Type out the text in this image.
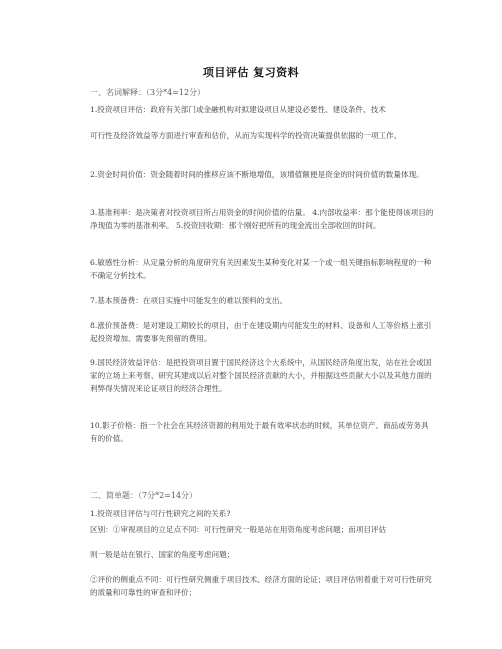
项目评估 复习资料
一、名词解释：（3分*4=12分）
1.投资项目评估：政府有关部门或金融机构对拟建设项目从建设必要性、建设条件、技术
可行性及经济效益等方面进行审查和估价，从而为实现科学的投资决策提供依据的一项工作。
2.资金时间价值：资金随着时间的推移应该不断地增值，该增值额便是资金的时间价值的数量体现。
3.基准利率：是决策者对投资项目所占用资金的时间价值的估量。 4.内部收益率：那个能使得该项目的净现值为零的基准利率。 5.投资回收期：那个刚好把所有的现金流出全部收回的时间。
6.敏感性分析：从定量分析的角度研究有关因素发生某种变化对某一个或一组关键指标影响程度的一种不确定分析技术。
7.基本预备费：在项目实施中可能发生的难以预料的支出。
8.涨价预备费：是对建设工期较长的项目，由于在建设期内可能发生的材料、设备和人工等价格上涨引起投资增加、需要事先预留的费用。
9.国民经济效益评估：是把投资项目置于国民经济这个大系统中，从国民经济角度出发，站在社会或国家的立场上来考察、研究其建成以后对整个国民经济贡献的大小，并根据这些贡献大小以及其他方面的利弊得失情况来论证项目的经济合理性。
10.影子价格：指一个社会在其经济资源的利用处于最有效率状态的时候，其单位资产、商品或劳务具有的价值。
二、简单题：（7分*2=14分）
1.投资项目评估与可行性研究之间的关系?
区别：①审视项目的立足点不同：可行性研究一般是站在用资角度考虑问题；而项目评估
则一般是站在银行、国家的角度考虑问题；
②评价的侧重点不同：可行性研究侧重于项目技术、经济方面的论证；项目评估则着重于对可行性研究的质量和可靠性的审查和评价；
